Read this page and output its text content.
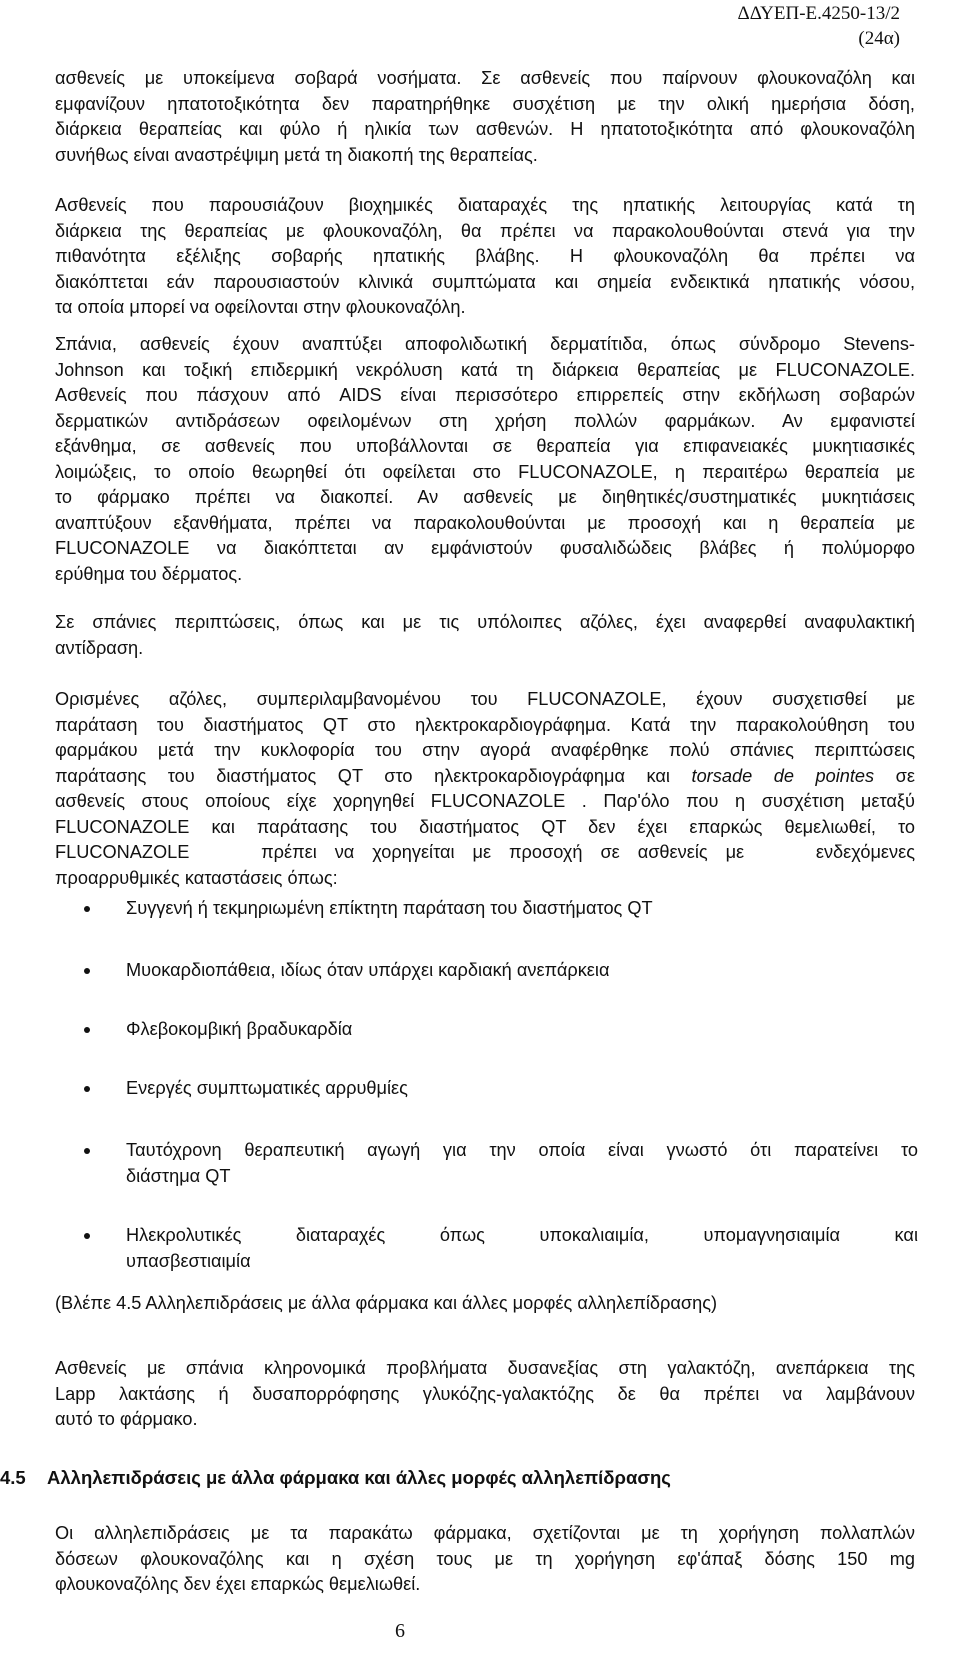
ΔΔΥΕΠ-Ε.4250-13/2
(24α)
ασθενείς με υποκείμενα σοβαρά νοσήματα. Σε ασθενείς που παίρνουν φλουκοναζόλη και
εμφανίζουν ηπατοτοξικότητα δεν παρατηρήθηκε συσχέτιση με την ολική ημερήσια δόση,
διάρκεια θεραπείας και φύλο ή ηλικία των ασθενών. Η ηπατοτοξικότητα από φλουκοναζόλη
συνήθως είναι αναστρέψιμη μετά τη διακοπή της θεραπείας.
Ασθενείς που παρουσιάζουν βιοχημικές διαταραχές της ηπατικής λειτουργίας κατά τη
διάρκεια της θεραπείας με φλουκοναζόλη, θα πρέπει να παρακολουθούνται στενά για την
πιθανότητα εξέλιξης σοβαρής ηπατικής βλάβης. Η φλουκοναζόλη θα πρέπει να
διακόπτεται εάν παρουσιαστούν κλινικά συμπτώματα και σημεία ενδεικτικά ηπατικής νόσου,
τα οποία μπορεί να οφείλονται στην φλουκοναζόλη.
Σπάνια, ασθενείς έχουν αναπτύξει αποφολιδωτική δερματίτιδα, όπως σύνδρομο Stevens-
Johnson και τοξική επιδερμική νεκρόλυση κατά τη διάρκεια θεραπείας με FLUCONAZOLE.
Ασθενείς που πάσχουν από AIDS είναι περισσότερο επιρρεπείς στην εκδήλωση σοβαρών
δερματικών αντιδράσεων οφειλομένων στη χρήση πολλών φαρμάκων. Αν εμφανιστεί
εξάνθημα, σε ασθενείς που υποβάλλονται σε θεραπεία για επιφανειακές μυκητιασικές
λοιμώξεις, το οποίο θεωρηθεί ότι οφείλεται στο FLUCONAZOLE, η περαιτέρω θεραπεία με
το φάρμακο πρέπει να διακοπεί. Αν ασθενείς με διηθητικές/συστηματικές μυκητιάσεις
αναπτύξουν εξανθήματα, πρέπει να παρακολουθούνται με προσοχή και η θεραπεία με
FLUCONAZOLE να διακόπτεται αν εμφάνιστούν φυσαλιδώδεις βλάβες ή πολύμορφο
ερύθημα του δέρματος.
Σε σπάνιες περιπτώσεις, όπως και με τις υπόλοιπες αζόλες, έχει αναφερθεί αναφυλακτική
αντίδραση.
Ορισμένες αζόλες, συμπεριλαμβανομένου του FLUCONAZOLE, έχουν συσχετισθεί με
παράταση του διαστήματος QT στο ηλεκτροκαρδιογράφημα. Κατά την παρακολούθηση του
φαρμάκου μετά την κυκλοφορία του στην αγορά αναφέρθηκε πολύ σπάνιες περιπτώσεις
παράτασης του διαστήματος QT στο ηλεκτροκαρδιογράφημα και torsade de pointes σε
ασθενείς στους οποίους είχε χορηγηθεί FLUCONAZOLE . Παρ'όλο που η συσχέτιση μεταξύ
FLUCONAZOLE και παράτασης του διαστήματος QT δεν έχει επαρκώς θεμελιωθεί, το
FLUCONAZOLE    πρέπει να χορηγείται με προσοχή σε ασθενείς με    ενδεχόμενες
προαρρυθμικές καταστάσεις όπως:
Συγγενή ή τεκμηριωμένη επίκτητη παράταση του διαστήματος QT
Μυοκαρδιοπάθεια, ιδίως όταν υπάρχει καρδιακή ανεπάρκεια
Φλεβοκομβική βραδυκαρδία
Ενεργές συμπτωματικές αρρυθμίες
Ταυτόχρονη θεραπευτική αγωγή για την οποία είναι γνωστό ότι παρατείνει το
διάστημα QT
Ηλεκρολυτικές διαταραχές όπως υποκαλιαιμία, υπομαγνησιαιμία και
υπασβεστιαιμία
(Βλέπε 4.5 Αλληλεπιδράσεις με άλλα φάρμακα και άλλες μορφές αλληλεπίδρασης)
Ασθενείς με σπάνια κληρονομικά προβλήματα δυσανεξίας στη γαλακτόζη, ανεπάρκεια της
Lapp λακτάσης ή δυσαπορρόφησης γλυκόζης-γαλακτόζης δε θα πρέπει να λαμβάνουν
αυτό το φάρμακο.
4.5 Αλληλεπιδράσεις με άλλα φάρμακα και άλλες μορφές αλληλεπίδρασης
Οι αλληλεπιδράσεις με τα παρακάτω φάρμακα, σχετίζονται με τη χορήγηση πολλαπλών
δόσεων φλουκοναζόλης και η σχέση τους με τη χορήγηση εφ'άπαξ δόσης 150 mg
φλουκοναζόλης δεν έχει επαρκώς θεμελιωθεί.
6
